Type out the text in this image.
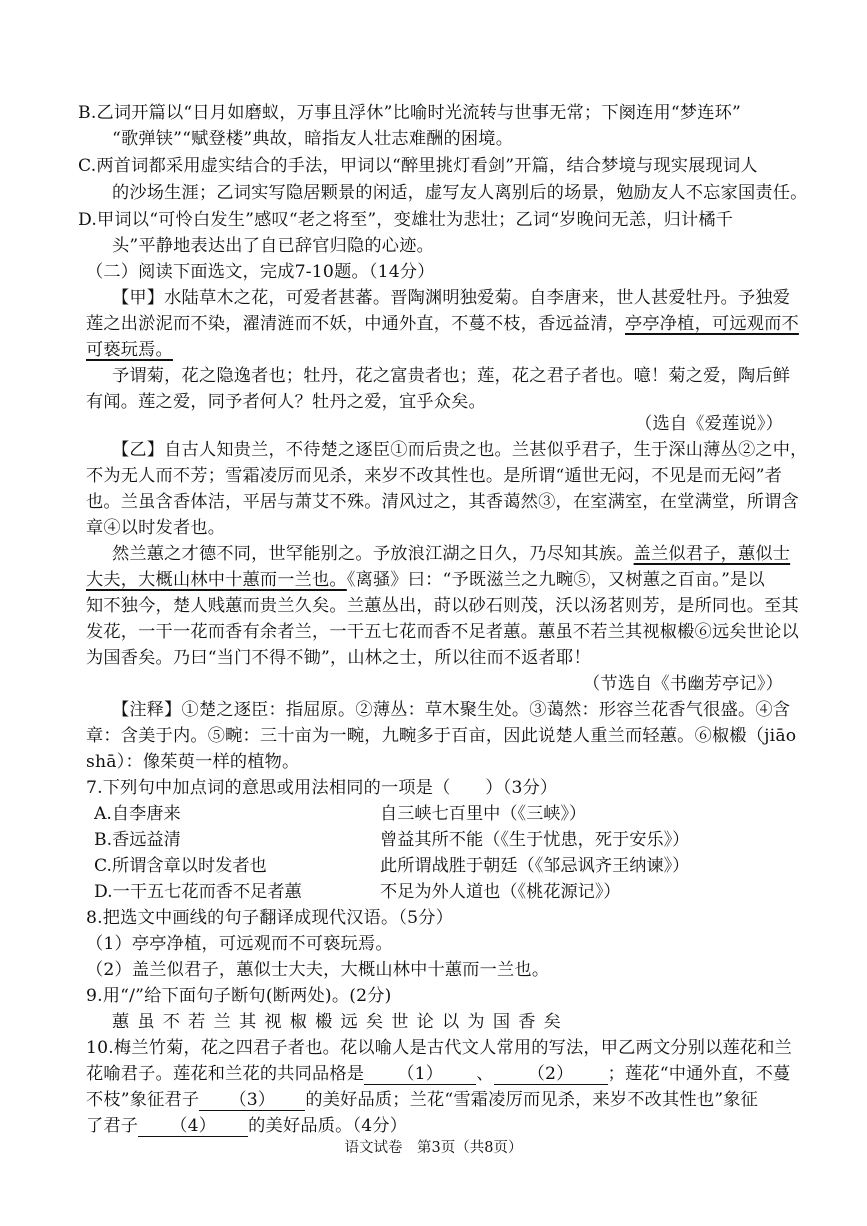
B.乙词开篇以“日月如磨蚁，万事且浮休”比喻时光流转与世事无常；下阕连用“梦连环”
“歌弹铗”“赋登楼”典故，暗指友人壮志难酬的困境。
C.两首词都采用虚实结合的手法，甲词以“醉里挑灯看剑”开篇，结合梦境与现实展现词人
的沙场生涯；乙词实写隐居颗景的闲适，虚写友人离别后的场景，勉励友人不忘家国责任。
D.甲词以“可怜白发生”感叹“老之将至”，变雄壮为悲壮；乙词“岁晚问无恙，归计橘千
头”平静地表达出了自已辞官归隐的心迹。
（二）阅读下面选文，完成7-10题。（14分）
【甲】水陆草木之花，可爱者甚蕃。晋陶渊明独爱菊。自李唐来，世人甚爱牡丹。予独爱
莲之出淤泥而不染，濯清涟而不妖，中通外直，不蔓不枝，香远益清，亭亭净植，可远观而不
可亵玩焉。
予谓菊，花之隐逸者也；牡丹，花之富贵者也；莲，花之君子者也。噫！菊之爱，陶后鲜
有闻。莲之爱，同予者何人？牡丹之爱，宜乎众矣。
（选自《爱莲说》）
【乙】自古人知贵兰，不待楚之逐臣①而后贵之也。兰甚似乎君子，生于深山薄丛②之中，
不为无人而不芳；雪霜凌厉而见杀，来岁不改其性也。是所谓“遁世无闷，不见是而无闷”者
也。兰虽含香体洁，平居与萧艾不殊。清风过之，其香蔼然③，在室满室，在堂满堂，所谓含
章④以时发者也。
然兰蕙之才德不同，世罕能别之。予放浪江湖之日久，乃尽知其族。盖兰似君子，蕙似士
大夫，大概山林中十蕙而一兰也。《离骚》曰：“予既滋兰之九畹⑤，又树蕙之百亩。”是以
知不独今，楚人贱蕙而贵兰久矣。兰蕙丛出，莳以砂石则茂，沃以汤茗则芳，是所同也。至其
发花，一干一花而香有余者兰，一干五七花而香不足者蕙。蕙虽不若兰其视椒榝⑥远矣世论以
为国香矣。乃曰“当门不得不锄”，山林之士，所以往而不返者耶！
（节选自《书幽芳亭记》）
【注释】①楚之逐臣：指屈原。②薄丛：草木聚生处。③蔼然：形容兰花香气很盛。④含
章：含美于内。⑤畹：三十亩为一畹，九畹多于百亩，因此说楚人重兰而轻蕙。⑥椒榝（jiāo
shā）：像茱萸一样的植物。
7.下列句中加点词的意思或用法相同的一项是（　　）（3分）
A.自李唐来	自三峡七百里中（《三峡》）
B.香远益清	曾益其所不能（《生于忧患，死于安乐》）
C.所谓含章以时发者也	此所谓战胜于朝廷（《邹忌讽齐王纳谏》）
D.一干五七花而香不足者蕙	不足为外人道也（《桃花源记》）
8.把选文中画线的句子翻译成现代汉语。（5分）
（1）亭亭净植，可远观而不可亵玩焉。
（2）盖兰似君子，蕙似士大夫，大概山林中十蕙而一兰也。
9.用“/”给下面句子断句(断两处)。(2分)
蕙虽不若兰其视椒榝远矣世论以为国香矣
10.梅兰竹菊，花之四君子者也。花以喻人是古代文人常用的写法，甲乙两文分别以莲花和兰
花喻君子。莲花和兰花的共同品格是 （1） 、 （2） ；莲花“中通外直，不蔓
不枝”象征君子 （3） 的美好品质；兰花“雪霜凌厉而见杀，来岁不改其性也”象征
了君子 （4） 的美好品质。（4分）
语文试卷　第3页（共8页）
